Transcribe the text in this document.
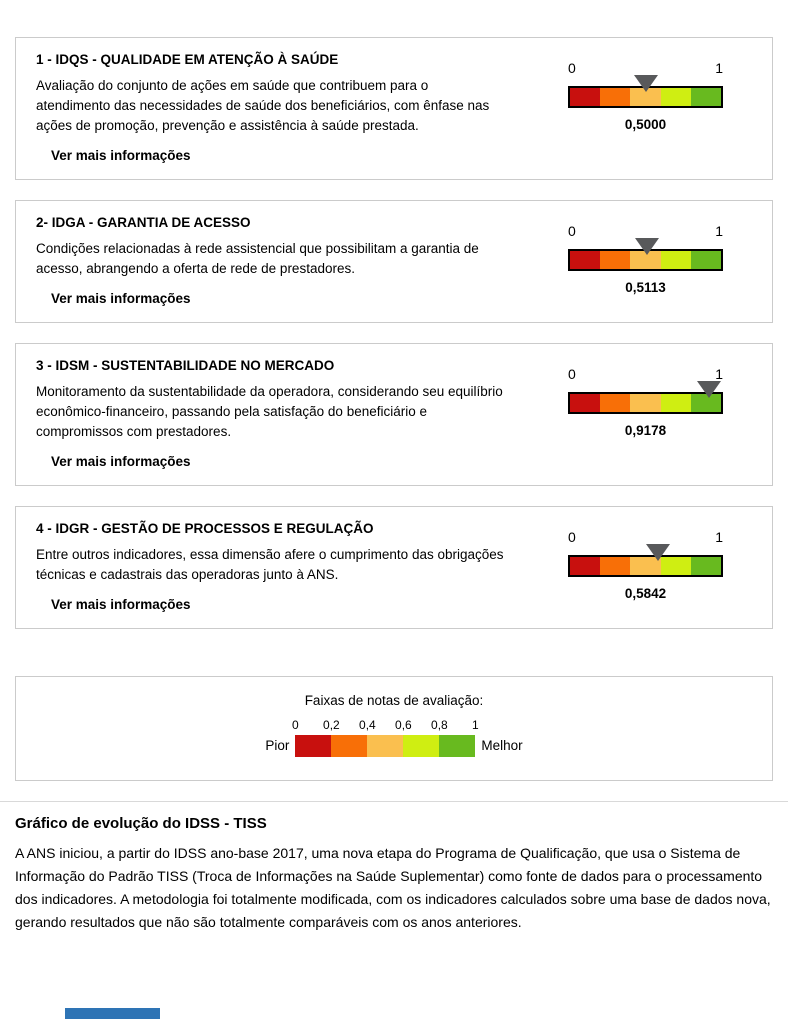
1 - IDQS - QUALIDADE EM ATENÇÃO À SAÚDE
Avaliação do conjunto de ações em saúde que contribuem para o atendimento das necessidades de saúde dos beneficiários, com ênfase nas ações de promoção, prevenção e assistência à saúde prestada.
Ver mais informações
0	1
0,5000
2- IDGA - GARANTIA DE ACESSO
Condições relacionadas à rede assistencial que possibilitam a garantia de acesso, abrangendo a oferta de rede de prestadores.
Ver mais informações
0	1
0,5113
3 - IDSM - SUSTENTABILIDADE NO MERCADO
Monitoramento da sustentabilidade da operadora, considerando seu equilíbrio econômico-financeiro, passando pela satisfação do beneficiário e compromissos com prestadores.
Ver mais informações
0	1
0,9178
4 - IDGR - GESTÃO DE PROCESSOS E REGULAÇÃO
Entre outros indicadores, essa dimensão afere o cumprimento das obrigações técnicas e cadastrais das operadoras junto à ANS.
Ver mais informações
0	1
0,5842
Faixas de notas de avaliação:
Pior
0 0,2 0,4 0,6 0,8 1
Melhor
Gráfico de evolução do IDSS - TISS
A ANS iniciou, a partir do IDSS ano-base 2017, uma nova etapa do Programa de Qualificação, que usa o Sistema de Informação do Padrão TISS (Troca de Informações na Saúde Suplementar) como fonte de dados para o processamento dos indicadores. A metodologia foi totalmente modificada, com os indicadores calculados sobre uma base de dados nova, gerando resultados que não são totalmente comparáveis com os anos anteriores.
